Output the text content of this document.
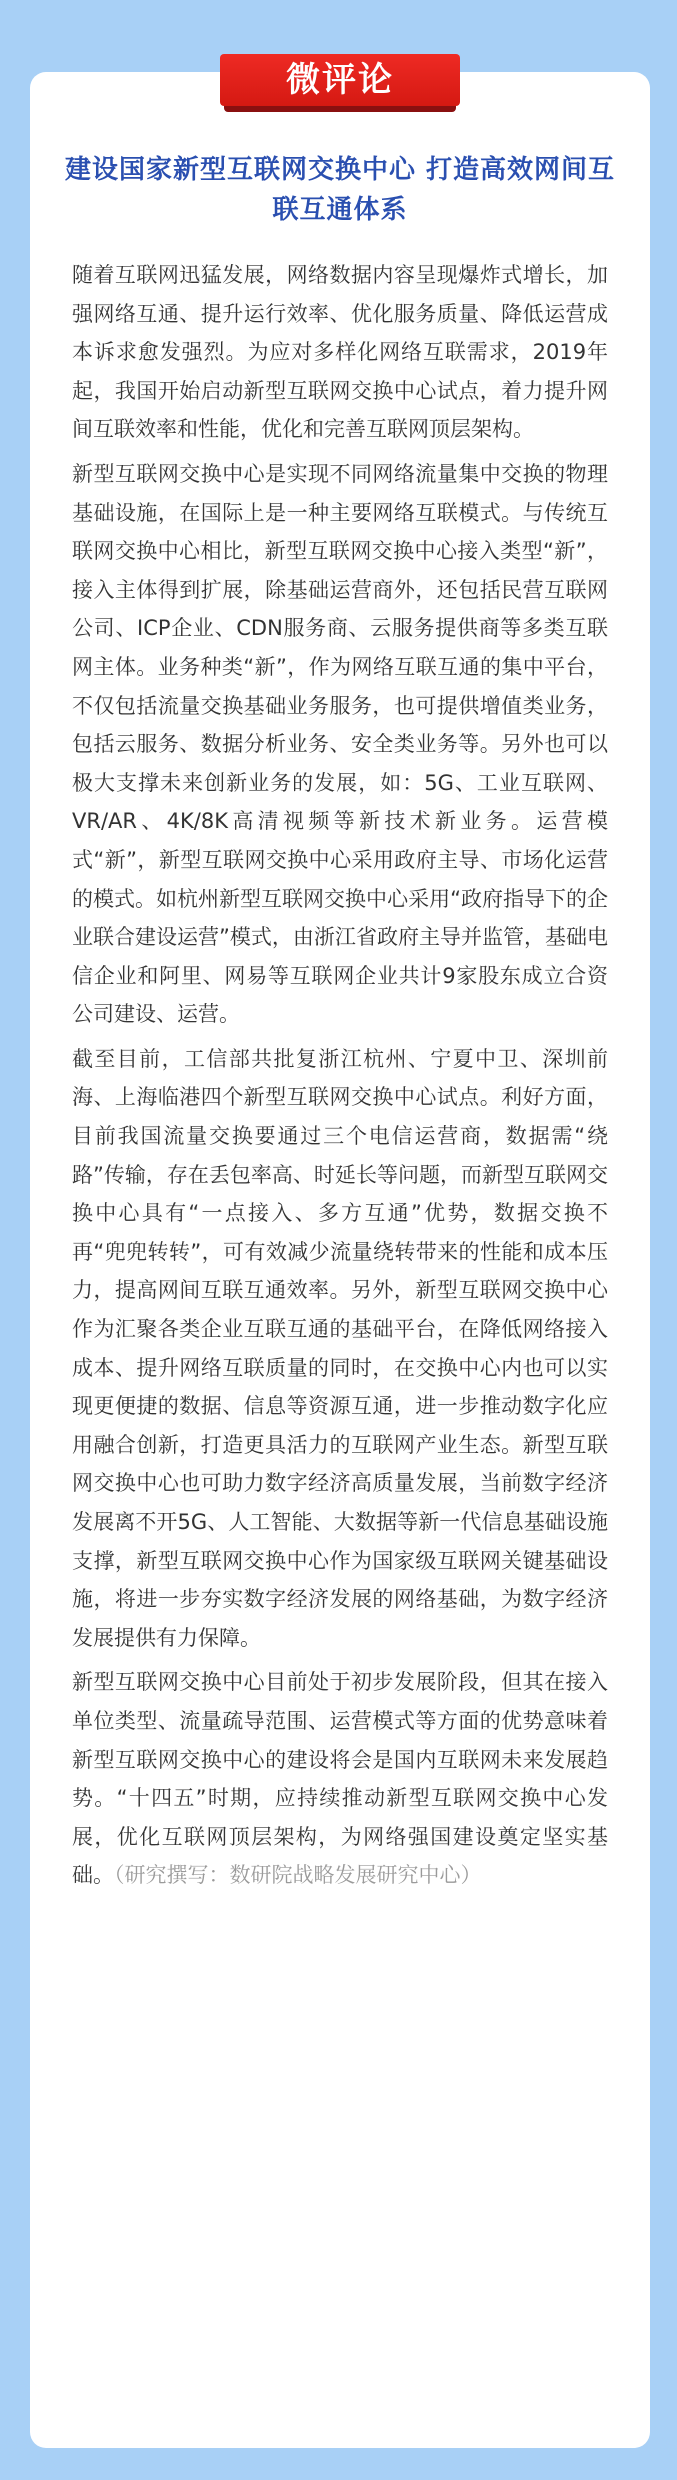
微评论
建设国家新型互联网交换中心 打造高效网间互联互通体系

随着互联网迅猛发展，网络数据内容呈现爆炸式增长，加强网络互通、提升运行效率、优化服务质量、降低运营成本诉求愈发强烈。为应对多样化网络互联需求，2019年起，我国开始启动新型互联网交换中心试点，着力提升网间互联效率和性能，优化和完善互联网顶层架构。

新型互联网交换中心是实现不同网络流量集中交换的物理基础设施，在国际上是一种主要网络互联模式。与传统互联网交换中心相比，新型互联网交换中心接入类型“新”，接入主体得到扩展，除基础运营商外，还包括民营互联网公司、ICP企业、CDN服务商、云服务提供商等多类互联网主体。业务种类“新”，作为网络互联互通的集中平台，不仅包括流量交换基础业务服务，也可提供增值类业务，包括云服务、数据分析业务、安全类业务等。另外也可以极大支撑未来创新业务的发展，如：5G、工业互联网、VR/AR、4K/8K高清视频等新技术新业务。运营模式“新”，新型互联网交换中心采用政府主导、市场化运营的模式。如杭州新型互联网交换中心采用“政府指导下的企业联合建设运营”模式，由浙江省政府主导并监管，基础电信企业和阿里、网易等互联网企业共计9家股东成立合资公司建设、运营。

截至目前，工信部共批复浙江杭州、宁夏中卫、深圳前海、上海临港四个新型互联网交换中心试点。利好方面，目前我国流量交换要通过三个电信运营商，数据需“绕路”传输，存在丢包率高、时延长等问题，而新型互联网交换中心具有“一点接入、多方互通”优势，数据交换不再“兜兜转转”，可有效减少流量绕转带来的性能和成本压力，提高网间互联互通效率。另外，新型互联网交换中心作为汇聚各类企业互联互通的基础平台，在降低网络接入成本、提升网络互联质量的同时，在交换中心内也可以实现更便捷的数据、信息等资源互通，进一步推动数字化应用融合创新，打造更具活力的互联网产业生态。新型互联网交换中心也可助力数字经济高质量发展，当前数字经济发展离不开5G、人工智能、大数据等新一代信息基础设施支撑，新型互联网交换中心作为国家级互联网关键基础设施，将进一步夯实数字经济发展的网络基础，为数字经济发展提供有力保障。

新型互联网交换中心目前处于初步发展阶段，但其在接入单位类型、流量疏导范围、运营模式等方面的优势意味着新型互联网交换中心的建设将会是国内互联网未来发展趋势。“十四五”时期，应持续推动新型互联网交换中心发展，优化互联网顶层架构，为网络强国建设奠定坚实基础。（研究撰写：数研院战略发展研究中心）
